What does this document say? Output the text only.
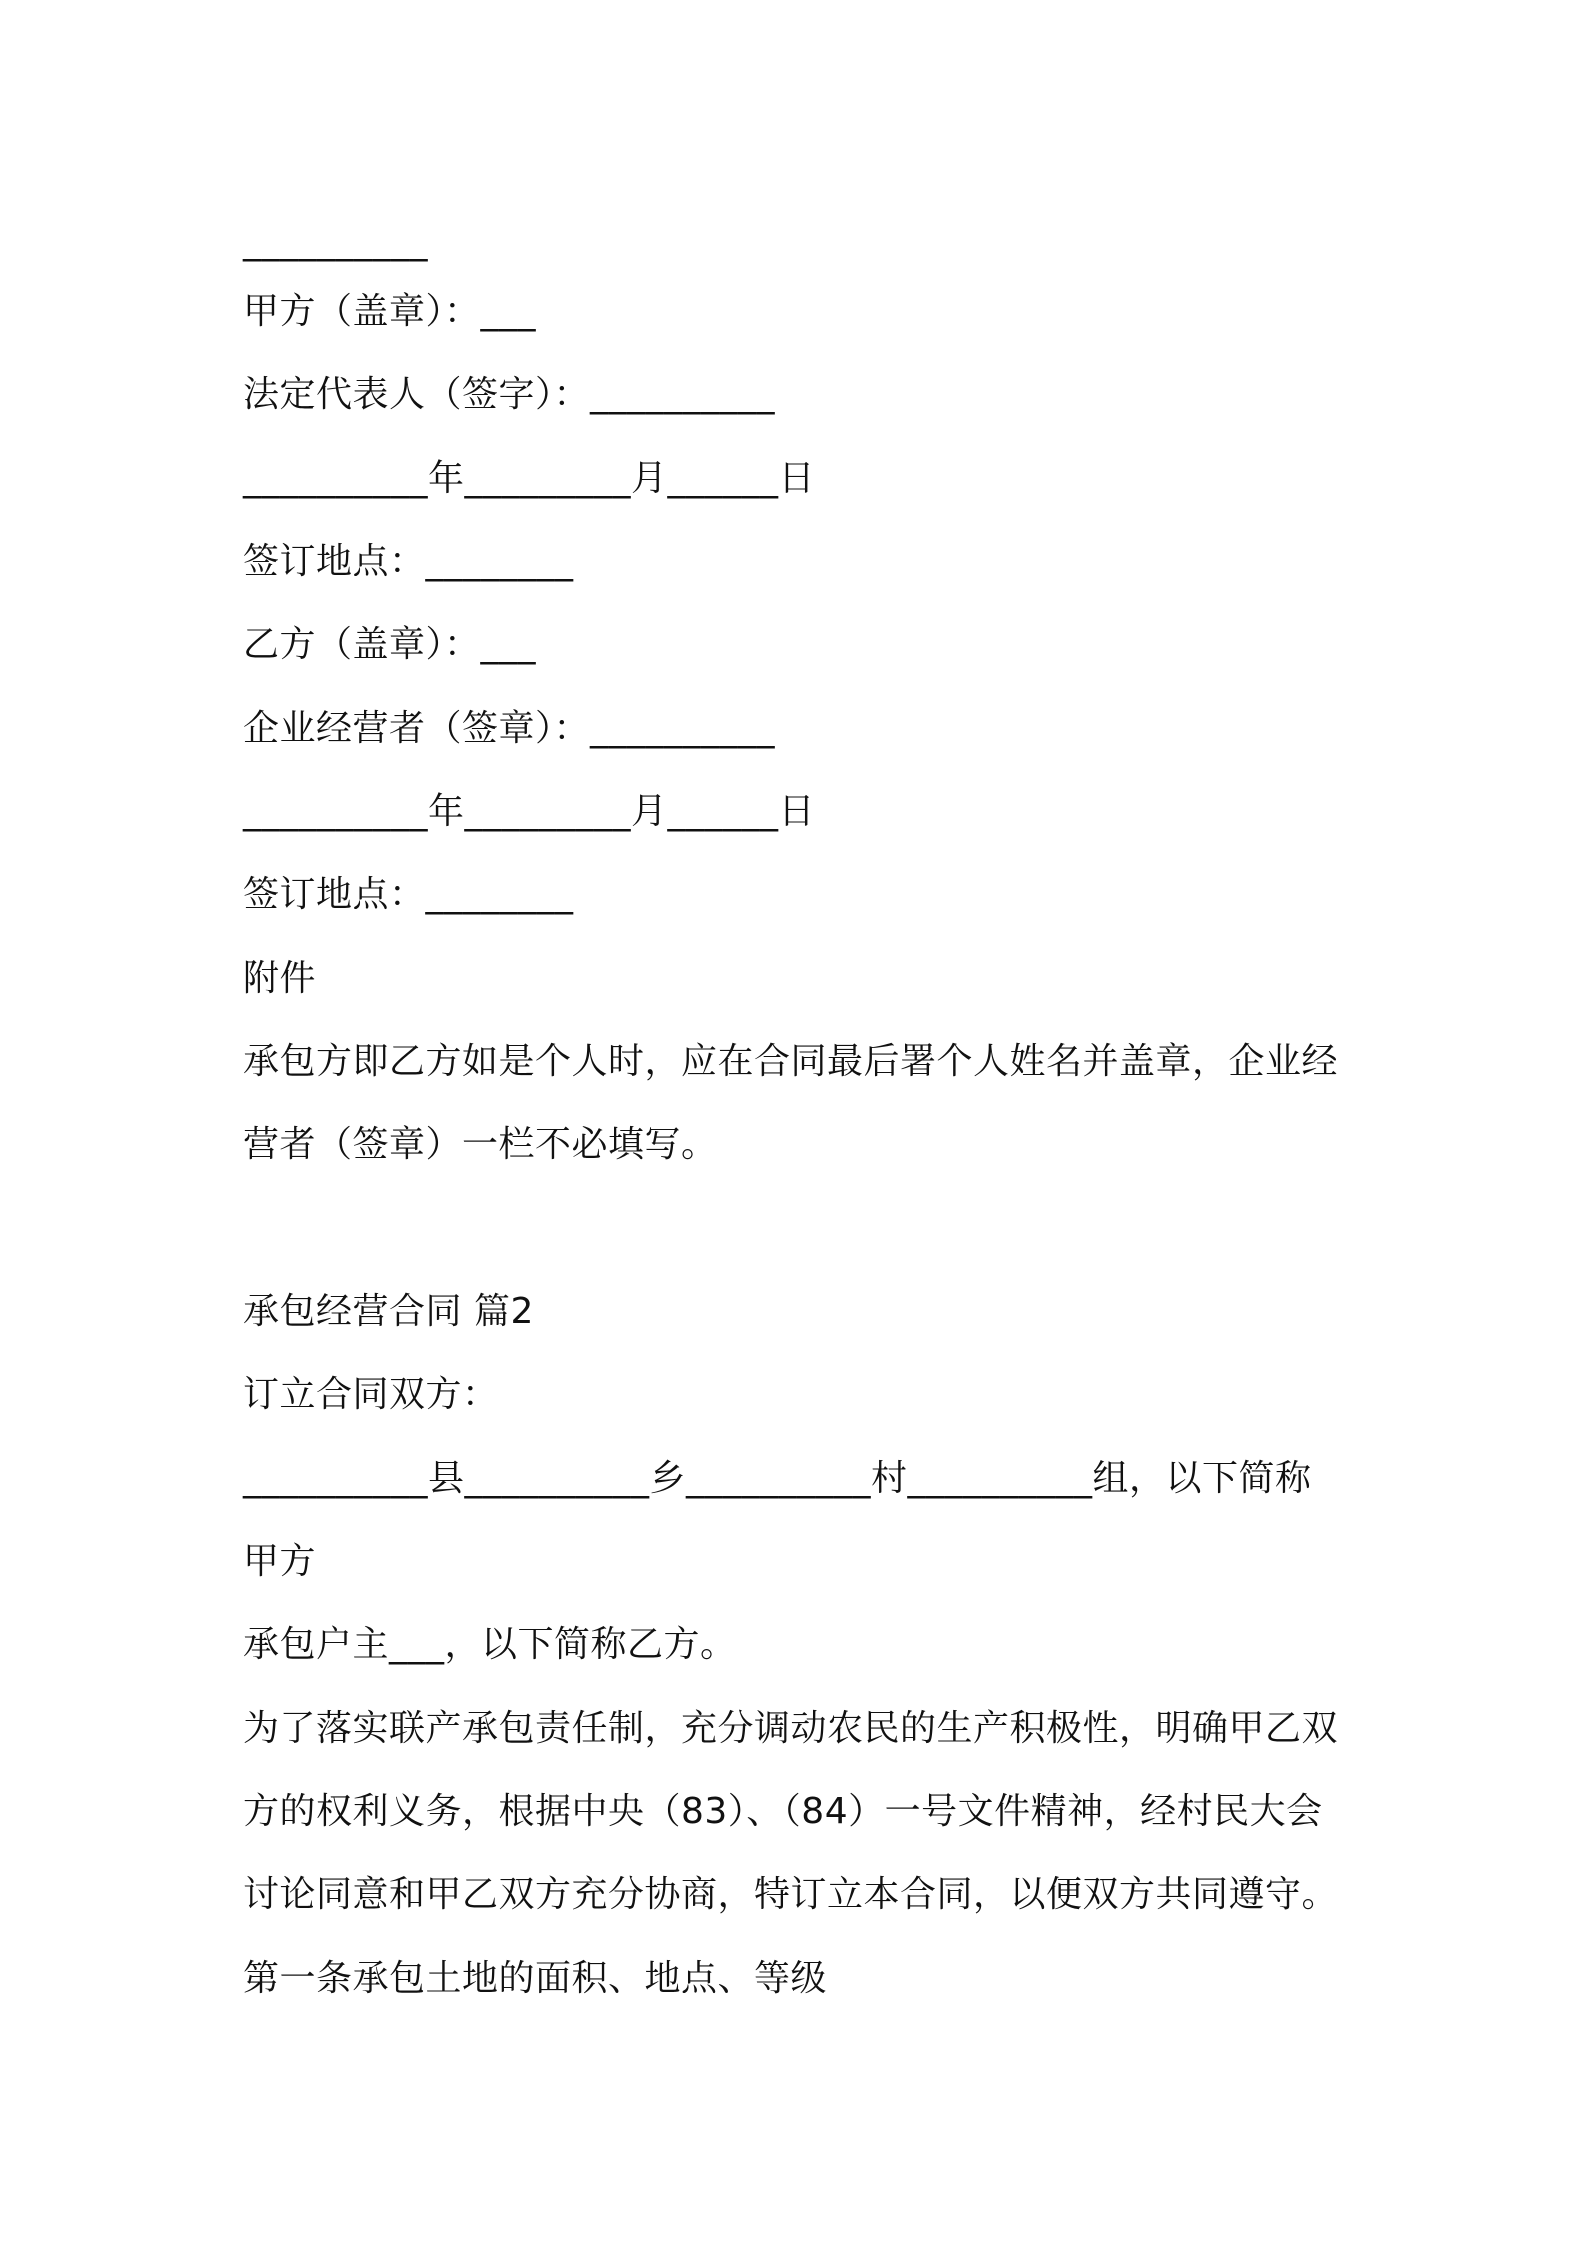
__________
甲方（盖章）：___
法定代表人（签字）：__________
__________年_________月______日
签订地点：________
乙方（盖章）：___
企业经营者（签章）：__________
__________年_________月______日
签订地点：________
附件
承包方即乙方如是个人时，应在合同最后署个人姓名并盖章，企业经
营者（签章）一栏不必填写。
承包经营合同 篇2
订立合同双方：
__________县__________乡__________村__________组，以下简称
甲方
承包户主___，以下简称乙方。
为了落实联产承包责任制，充分调动农民的生产积极性，明确甲乙双
方的权利义务，根据中央（83）、（84）一号文件精神，经村民大会
讨论同意和甲乙双方充分协商，特订立本合同，以便双方共同遵守。
第一条承包土地的面积、地点、等级
